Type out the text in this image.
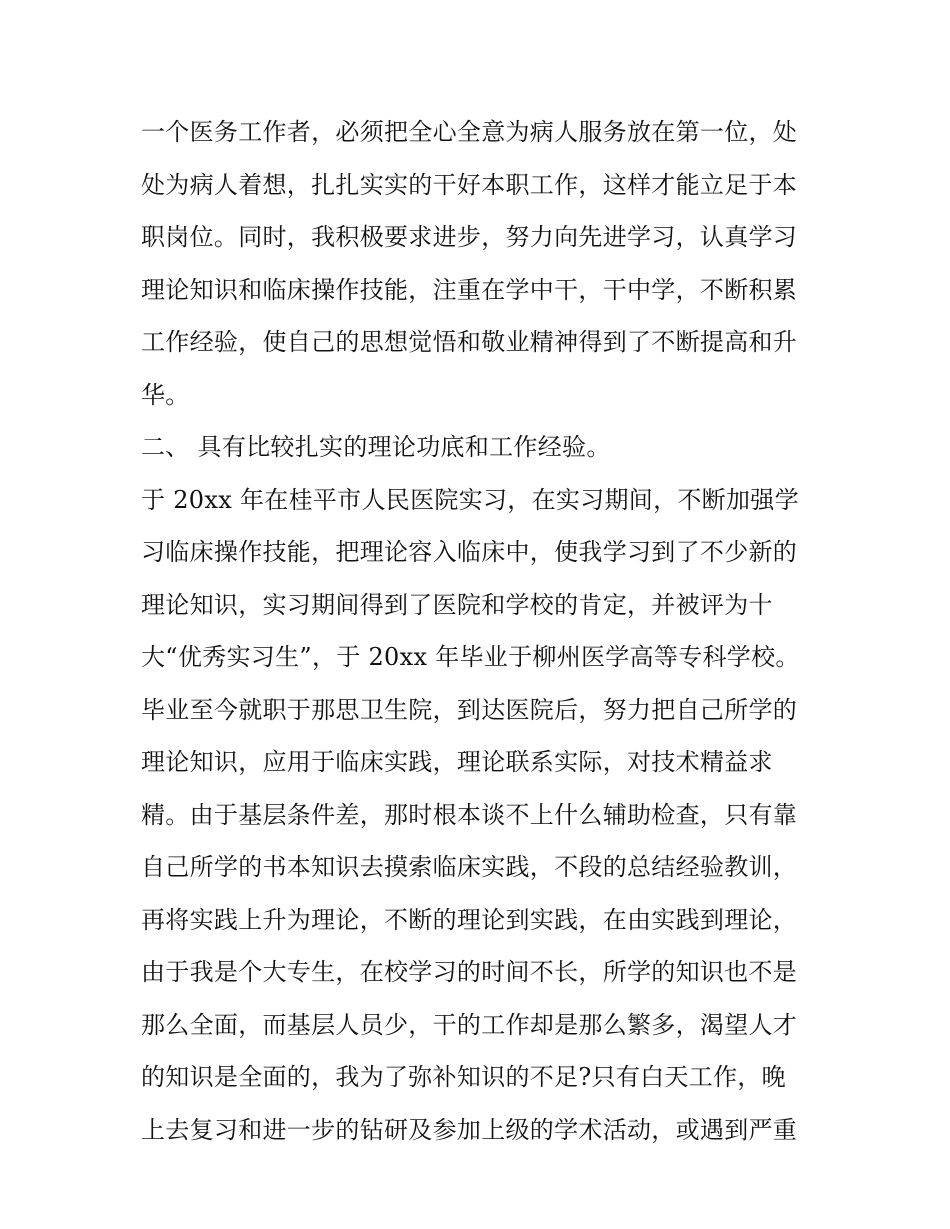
一个医务工作者，必须把全心全意为病人服务放在第一位，处
处为病人着想，扎扎实实的干好本职工作，这样才能立足于本
职岗位。同时，我积极要求进步，努力向先进学习，认真学习
理论知识和临床操作技能，注重在学中干，干中学，不断积累
工作经验，使自己的思想觉悟和敬业精神得到了不断提高和升
华。
二、 具有比较扎实的理论功底和工作经验。
于 20xx 年在桂平市人民医院实习，在实习期间，不断加强学
习临床操作技能，把理论容入临床中，使我学习到了不少新的
理论知识，实习期间得到了医院和学校的肯定，并被评为十
大“优秀实习生”，于 20xx 年毕业于柳州医学高等专科学校。
毕业至今就职于那思卫生院，到达医院后，努力把自己所学的
理论知识，应用于临床实践，理论联系实际，对技术精益求
精。由于基层条件差，那时根本谈不上什么辅助检查，只有靠
自己所学的书本知识去摸索临床实践，不段的总结经验教训，
再将实践上升为理论，不断的理论到实践，在由实践到理论，
由于我是个大专生，在校学习的时间不长，所学的知识也不是
那么全面，而基层人员少，干的工作却是那么繁多，渴望人才
的知识是全面的，我为了弥补知识的不足?只有白天工作，晚
上去复习和进一步的钻研及参加上级的学术活动，或遇到严重
